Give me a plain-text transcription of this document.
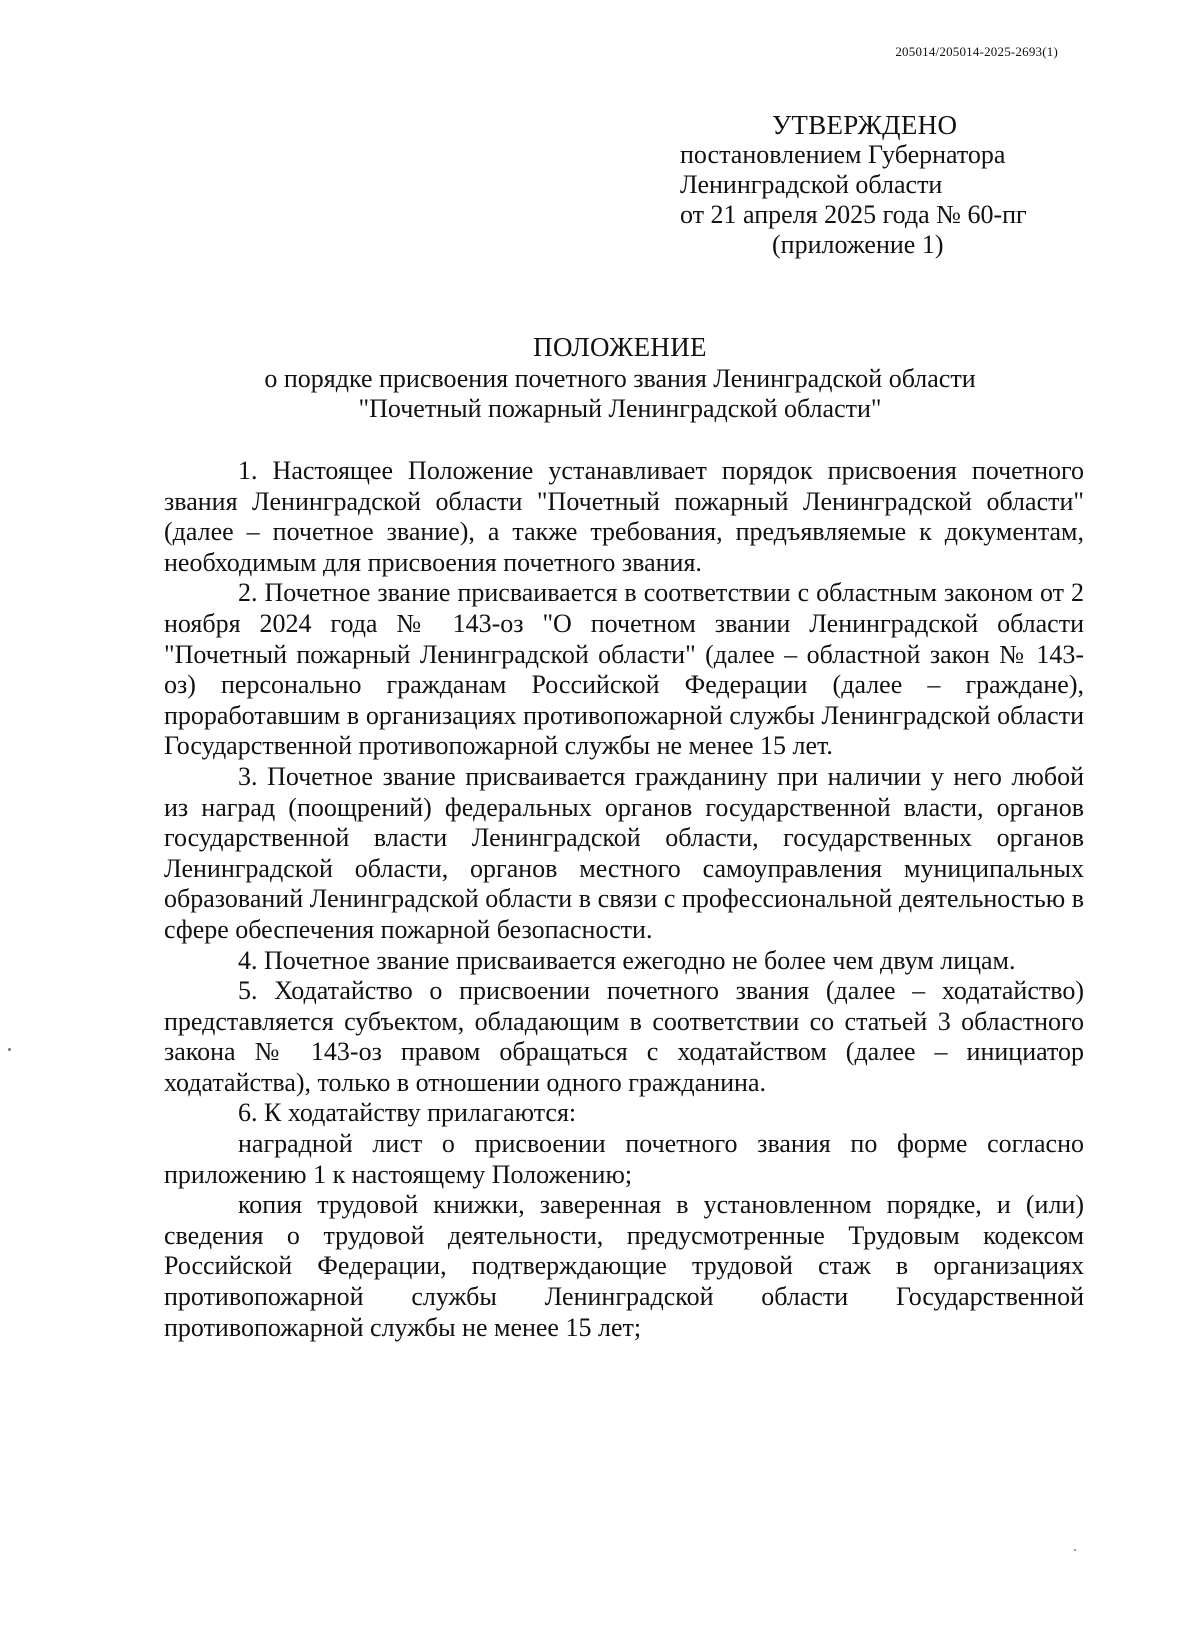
205014/205014-2025-2693(1)
УТВЕРЖДЕНО
постановлением Губернатора
Ленинградской области
от 21 апреля 2025 года № 60-пг
(приложение 1)
ПОЛОЖЕНИЕ
о порядке присвоения почетного звания Ленинградской области
"Почетный пожарный Ленинградской области"

1. Настоящее Положение устанавливает порядок присвоения почетного звания Ленинградской области "Почетный пожарный Ленинградской области" (далее – почетное звание), а также требования, предъявляемые к документам, необходимым для присвоения почетного звания.

2. Почетное звание присваивается в соответствии с областным законом от 2 ноября 2024 года № 143-оз "О почетном звании Ленинградской области "Почетный пожарный Ленинградской области" (далее – областной закон № 143-оз) персонально гражданам Российской Федерации (далее – граждане), проработавшим в организациях противопожарной службы Ленинградской области Государственной противопожарной службы не менее 15 лет.

3. Почетное звание присваивается гражданину при наличии у него любой из наград (поощрений) федеральных органов государственной власти, органов государственной власти Ленинградской области, государственных органов Ленинградской области, органов местного самоуправления муниципальных образований Ленинградской области в связи с профессиональной деятельностью в сфере обеспечения пожарной безопасности.

4. Почетное звание присваивается ежегодно не более чем двум лицам.

5. Ходатайство о присвоении почетного звания (далее – ходатайство) представляется субъектом, обладающим в соответствии со статьей 3 областного закона № 143-оз правом обращаться с ходатайством (далее – инициатор ходатайства), только в отношении одного гражданина.

6. К ходатайству прилагаются:

наградной лист о присвоении почетного звания по форме согласно приложению 1 к настоящему Положению;

копия трудовой книжки, заверенная в установленном порядке, и (или) сведения о трудовой деятельности, предусмотренные Трудовым кодексом Российской Федерации, подтверждающие трудовой стаж в организациях противопожарной службы Ленинградской области Государственной противопожарной службы не менее 15 лет;
